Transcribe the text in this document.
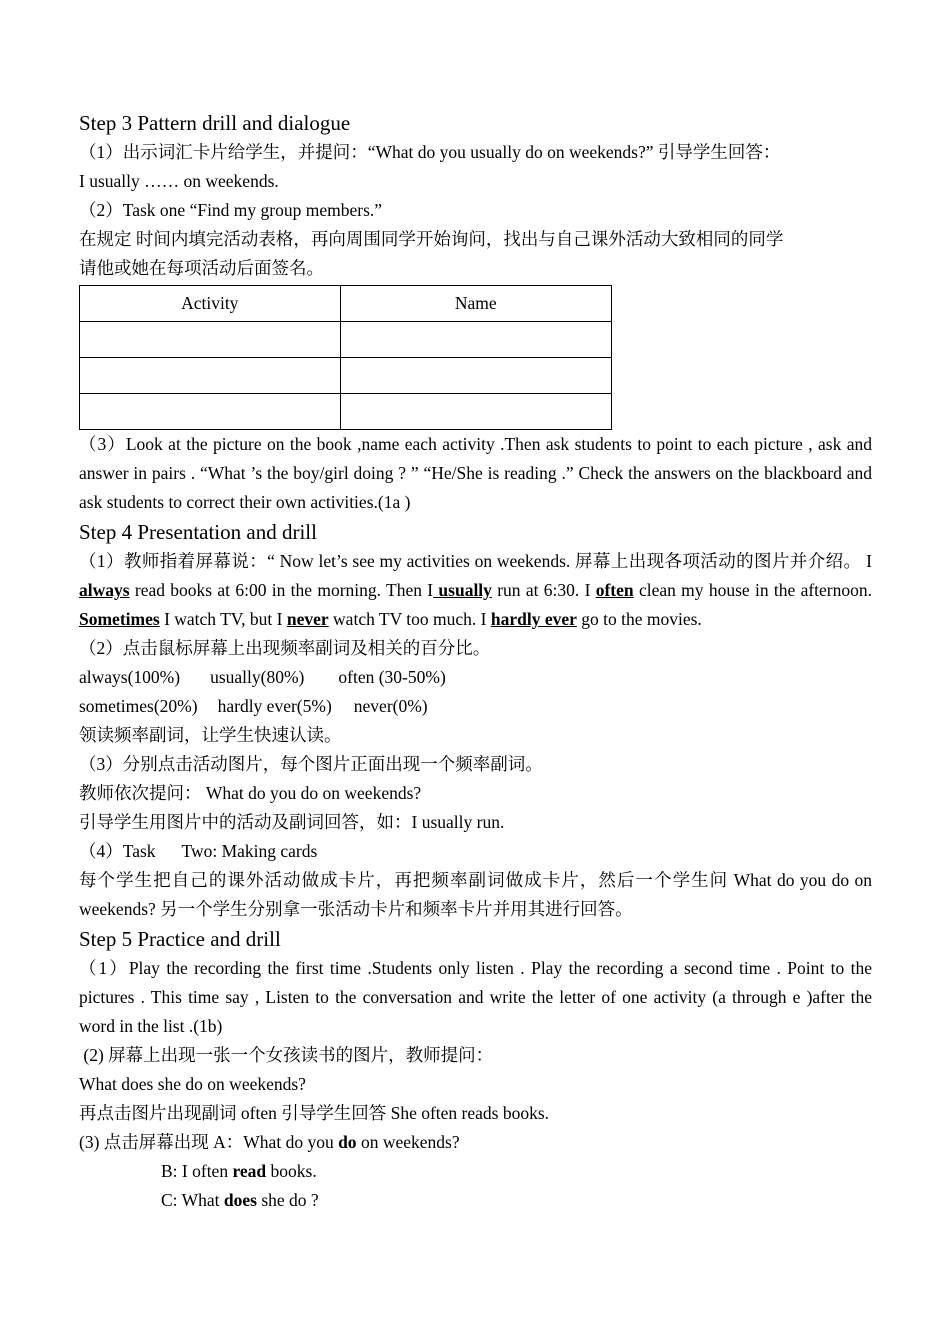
Step 3 Pattern drill and dialogue
（1）出示词汇卡片给学生，并提问：“What do you usually do on weekends?” 引导学生回答：
I usually …… on weekends.
（2）Task one “Find my group members.”
在规定 时间内填完活动表格，再向周围同学开始询问，找出与自己课外活动大致相同的同学
请他或她在每项活动后面签名。
Activity	Name

（3）Look at the picture on the book ,name each activity .Then ask students to point to each picture , ask and answer in pairs . “What ’s the boy/girl doing ? ” “He/She is reading .” Check the answers on the blackboard and ask students to correct their own activities.(1a )
Step 4 Presentation and drill
（1）教师指着屏幕说：“ Now let’s see my activities on weekends. 屏幕上出现各项活动的图片并介绍。 I always read books at 6:00 in the morning. Then I usually run at 6:30. I often clean my house in the afternoon. Sometimes I watch TV, but I never watch TV too much. I hardly ever go to the movies.
（2）点击鼠标屏幕上出现频率副词及相关的百分比。
always(100%) usually(80%) often (30-50%)
sometimes(20%) hardly ever(5%) never(0%)
领读频率副词，让学生快速认读。
（3）分别点击活动图片，每个图片正面出现一个频率副词。
教师依次提问： What do you do on weekends?
引导学生用图片中的活动及副词回答，如：I usually run.
（4）Task      Two: Making cards
每个学生把自己的课外活动做成卡片，再把频率副词做成卡片，然后一个学生问 What do you do on weekends? 另一个学生分别拿一张活动卡片和频率卡片并用其进行回答。
Step 5 Practice and drill
（1）Play the recording the first time .Students only listen . Play the recording a second time . Point to the pictures . This time say , Listen to the conversation and write the letter of one activity (a through e )after the word in the list .(1b)
(2) 屏幕上出现一张一个女孩读书的图片，教师提问：
What does she do on weekends?
再点击图片出现副词 often 引导学生回答 She often reads books.
(3) 点击屏幕出现 A：What do you do on weekends?
B: I often read books.
C: What does she do ?
